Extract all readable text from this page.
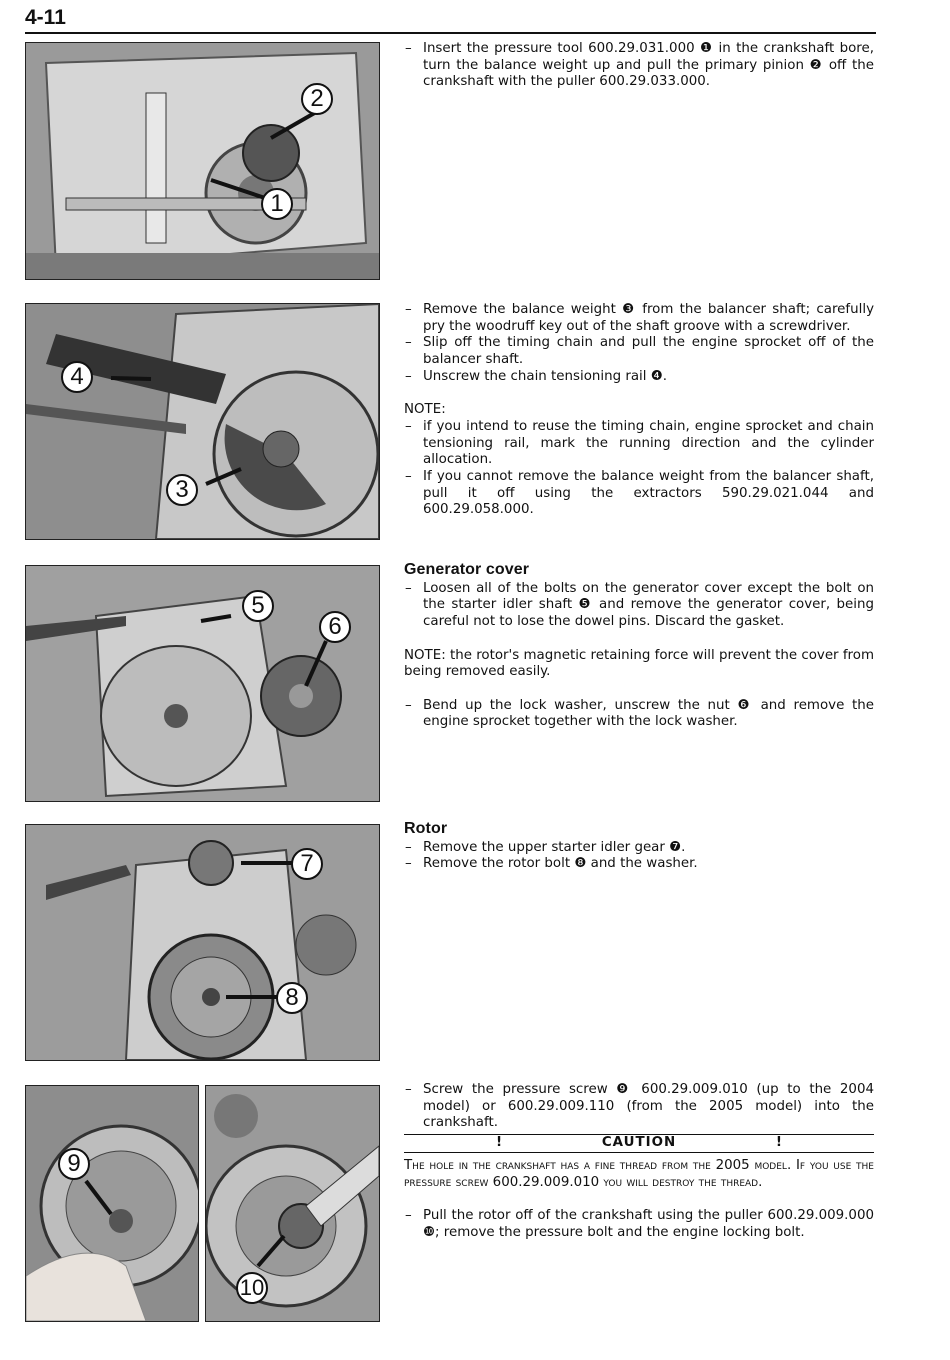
4-11
2
1
4
3
5
6
7
8
9
10

– Insert the pressure tool 600.29.031.000 ❶ in the crankshaft bore, turn the balance weight up and pull the primary pinion ❷ off the crankshaft with the puller 600.29.033.000.

– Remove the balance weight ❸ from the balancer shaft; carefully pry the woodruff key out of the shaft groove with a screwdriver.

– Slip off the timing chain and pull the engine sprocket off of the balancer shaft.

– Unscrew the chain tensioning rail ❹.

NOTE:

– if you intend to reuse the timing chain, engine sprocket and chain tensioning rail, mark the running direction and the cylinder allocation.

– If you cannot remove the balance weight from the balancer shaft, pull it off using the extractors 590.29.021.044 and 600.29.058.000.

Generator cover

– Loosen all of the bolts on the generator cover except the bolt on the starter idler shaft ❺ and remove the generator cover, being careful not to lose the dowel pins. Discard the gasket.

NOTE: the rotor's magnetic retaining force will prevent the cover from being removed easily.

– Bend up the lock washer, unscrew the nut ❻ and remove the engine sprocket together with the lock washer.

Rotor

– Remove the upper starter idler gear ❼.

– Remove the rotor bolt ❽ and the washer.

– Screw the pressure screw ❾ 600.29.009.010 (up to the 2004 model) or 600.29.009.110 (from the 2005 model) into the crankshaft.

!	CAUTION	!

The hole in the crankshaft has a fine thread from the 2005 model. If you use the pressure screw 600.29.009.010 you will destroy the thread.

– Pull the rotor off of the crankshaft using the puller 600.29.009.000 ❿; remove the pressure bolt and the engine locking bolt.
